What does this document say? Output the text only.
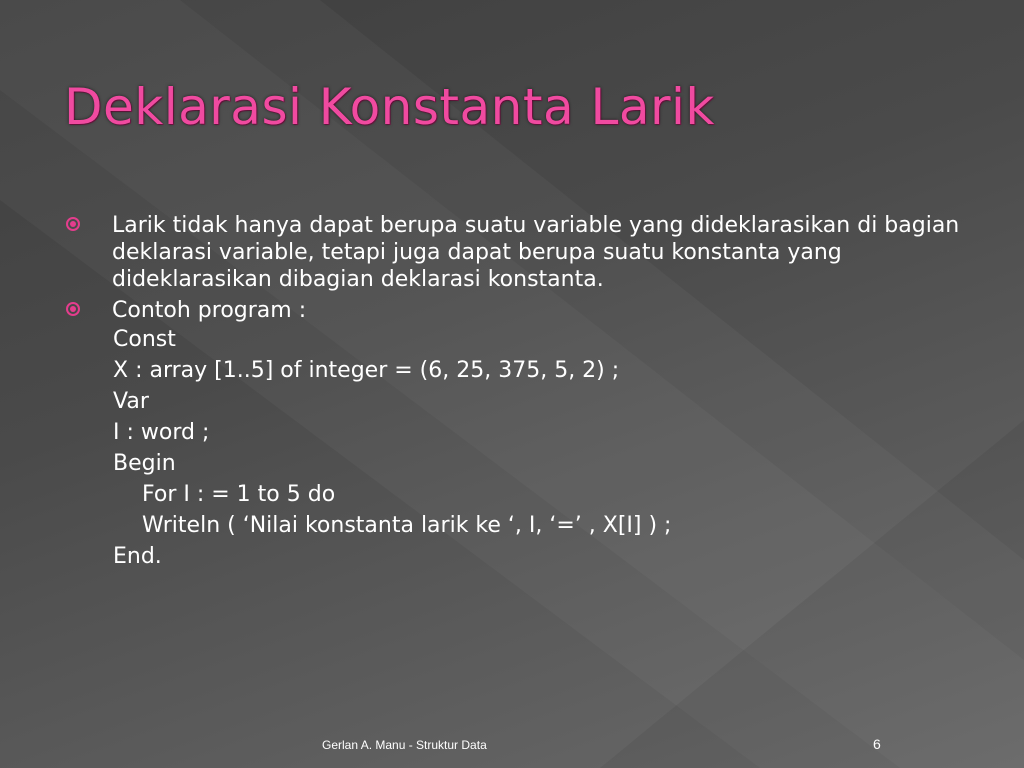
Deklarasi Konstanta Larik
Larik tidak hanya dapat berupa suatu variable yang dideklarasikan di bagian deklarasi variable, tetapi juga dapat berupa suatu konstanta yang dideklarasikan dibagian deklarasi konstanta.
Contoh program :
Const
X : array [1..5] of integer = (6, 25, 375, 5, 2) ;
Var
I : word ;
Begin
For I : = 1 to 5 do
Writeln ( ‘Nilai konstanta larik ke ‘, I, ‘=’ , X[I] ) ;
End.
Gerlan A. Manu - Struktur Data	6
